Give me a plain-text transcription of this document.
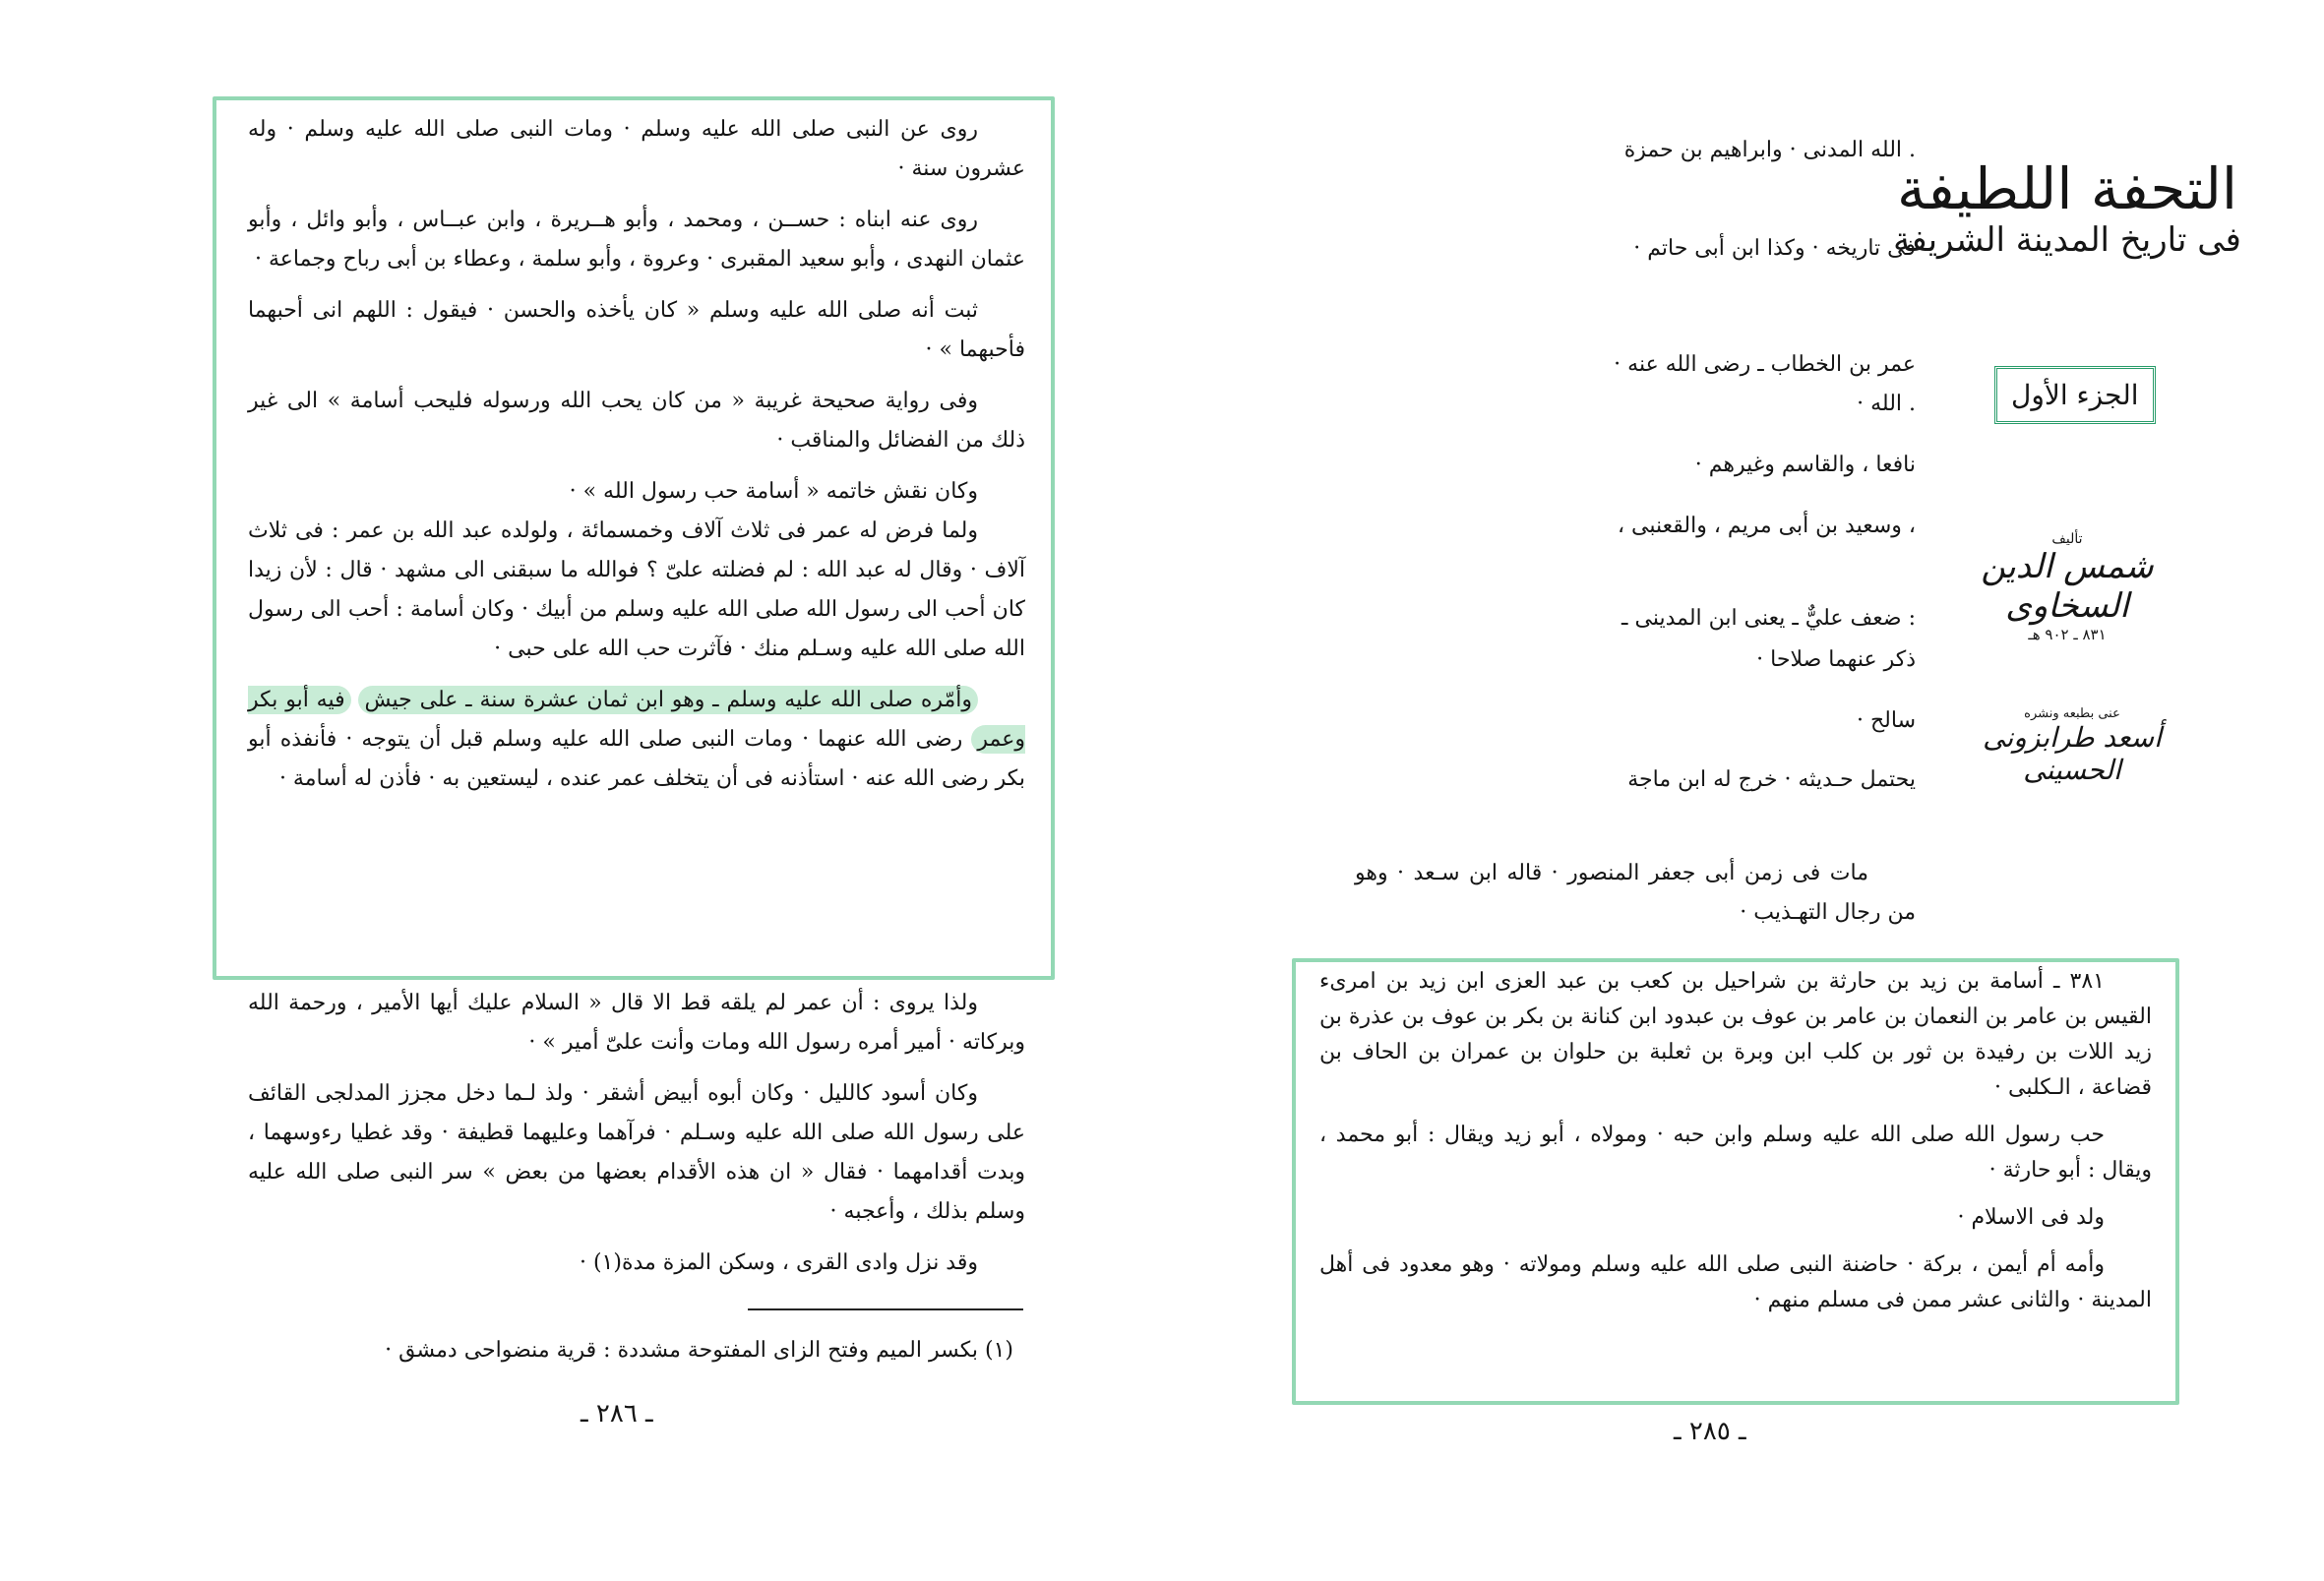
روى عن النبى صلى الله عليه وسلم · ومات النبى صلى الله عليه وسلم · وله عشرون سنة ·

روى عنه ابناه : حســن ، ومحمد ، وأبو هــريرة ، وابن عبــاس ، وأبو وائل ، وأبو عثمان النهدى ، وأبو سعيد المقبرى · وعروة ، وأبو سلمة ، وعطاء بن أبى رباح وجماعة ·

ثبت أنه صلى الله عليه وسلم « كان يأخذه والحسن · فيقول : اللهم انى أحبهما فأحبهما » ·

وفى رواية صحيحة غريبة « من كان يحب الله ورسوله فليحب أسامة » الى غير ذلك من الفضائل والمناقب ·

وكان نقش خاتمه « أسامة حب رسول الله » ·

ولما فرض له عمر فى ثلاث آلاف وخمسمائة ، ولولده عبد الله بن عمر : فى ثلاث آلاف · وقال له عبد الله : لم فضلته علىّ ؟ فوالله ما سبقنى الى مشهد · قال : لأن زيدا كان أحب الى رسول الله صلى الله عليه وسلم من أبيك · وكان أسامة : أحب الى رسول الله صلى الله عليه وسـلم منك · فآثرت حب الله على حبى ·

وأمّره صلى الله عليه وسلم ـ وهو ابن ثمان عشرة سنة ـ على جيش فيه أبو بكر وعمر رضى الله عنهما · ومات النبى صلى الله عليه وسلم قبل أن يتوجه · فأنفذه أبو بكر رضى الله عنه · استأذنه فى أن يتخلف عمر عنده ، ليستعين به · فأذن له أسامة ·

ولذا يروى : أن عمر لم يلقه قط الا قال « السلام عليك أيها الأمير ، ورحمة الله وبركاته · أمير أمره رسول الله ومات وأنت علىّ أمير » ·

وكان أسود كالليل · وكان أبوه أبيض أشقر · ولذ لـما دخل مجزز المدلجى القائف على رسول الله صلى الله عليه وسـلم · فرآهما وعليهما قطيفة · وقد غطيا رءوسهما ، وبدت أقدامهما · فقال « ان هذه الأقدام بعضها من بعض » سر النبى صلى الله عليه وسلم بذلك ، وأعجبه ·

وقد نزل وادى القرى ، وسكن المزة مدة(١) ·

(١) بكسر الميم وفتح الزاى المفتوحة مشددة : قرية منضواحى دمشق ·
ـ ٢٨٦ ـ
التحفة اللطيفة
فى تاريخ المدينة الشريفة
الجزء الأول
تأليف
شمس الدين السخاوى
٨٣١ ـ ٩٠٢ هـ
عنى بطبعه ونشره
أسعد طرابزونى الحسينى

. الله المدنى · وابراهيم بن حمزة

فى تاريخه · وكذا ابن أبى حاتم ·

عمر بن الخطاب ـ رضى الله عنه ·

. الله ·

نافعا ، والقاسم وغيرهم ·

، وسعيد بن أبى مريم ، والقعنبى ،

: ضعف عليٌّ ـ يعنى ابن المدينى ـ

ذكر عنهما صلاحا ·

سالح ·

يحتمل حـديثه · خرج له ابن ماجة

مات فى زمن أبى جعفر المنصور · قاله ابن سـعد · وهو من رجال التهـذيب ·

٣٨١ ـ أسامة بن زيد بن حارثة بن شراحيل بن كعب بن عبد العزى ابن زيد بن امرىء القيس بن عامر بن النعمان بن عامر بن عوف بن عبدود ابن كنانة بن بكر بن عوف بن عذرة بن زيد اللات بن رفيدة بن ثور بن كلب ابن وبرة بن ثعلبة بن حلوان بن عمران بن الحاف بن قضاعة ، الـكلبى ·

حب رسول الله صلى الله عليه وسلم وابن حبه · ومولاه ، أبو زيد ويقال : أبو محمد ، ويقال : أبو حارثة ·

ولد فى الاسلام ·

وأمه أم أيمن ، بركة · حاضنة النبى صلى الله عليه وسلم ومولاته · وهو معدود فى أهل المدينة · والثانى عشر ممن فى مسلم منهم ·

ـ ٢٨٥ ـ
